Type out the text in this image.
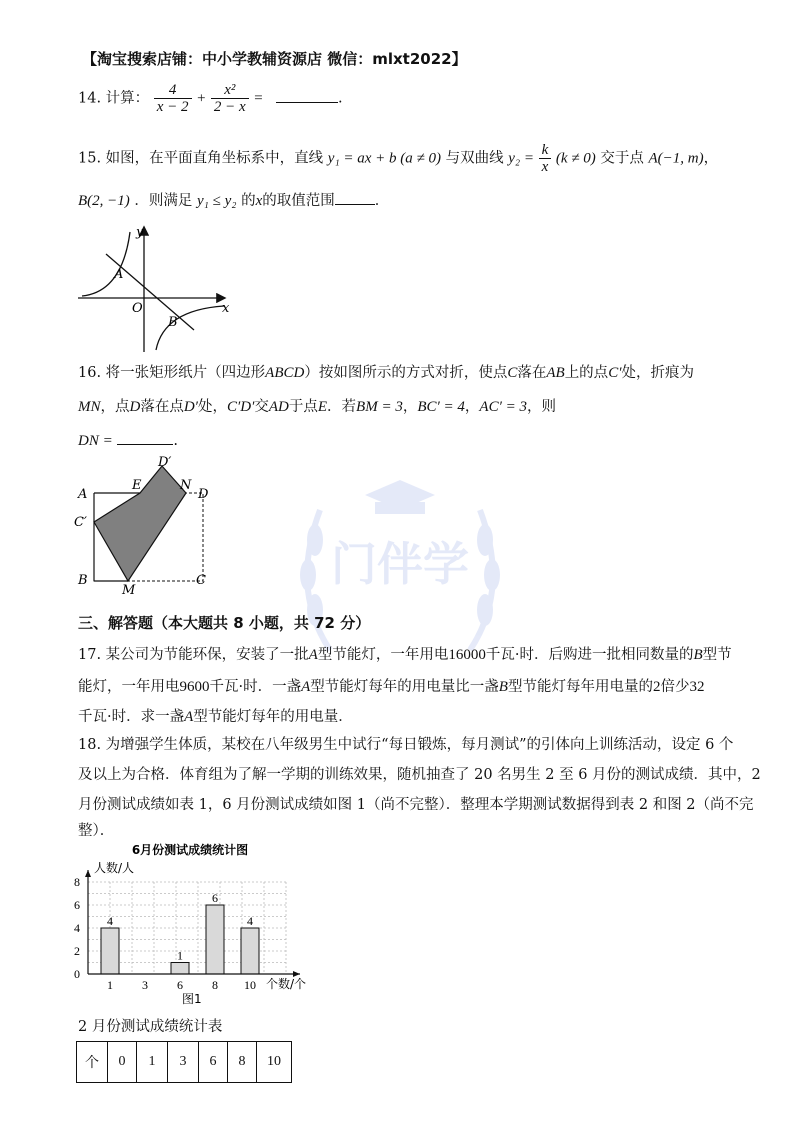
门伴学
【淘宝搜索店铺：中小学教辅资源店 微信：mlxt2022】
14. 计算： $\frac{4}{x - 2} + \frac{\text{x²}}{2 - x}$ =	.
15. 如图，在平面直角坐标系中，直线 y₁ = ax + b (a ≠ 0) 与双曲线 $y_2 = \frac{k}{x} (k \ne 0)$ 交于点 A(−1, m)，
B(2, −1) ．则满足 y₁ ≤ y₂ 的x的取值范围	．
y
x
O
A
B
16. 将一张矩形纸片（四边形ABCD）按如图所示的方式对折，使点C落在AB上的点C′处，折痕为
MN，点D落在点D′处，C′D′交AD于点E．若BM = 3，BC′ = 4，AC′ = 3，则
DN =	.
A
C′
B
M
C
D
E	N
D′
三、解答题（本大题共 8 小题，共 72 分）
17. 某公司为节能环保，安装了一批A型节能灯，一年用电16000千瓦·时．后购进一批相同数量的B型节
能灯，一年用电9600千瓦·时．一盏A型节能灯每年的用电量比一盏B型节能灯每年用电量的2倍少32
千瓦·时．求一盏A型节能灯每年的用电量．
18. 为增强学生体质，某校在八年级男生中试行“每日锻炼，每月测试”的引体向上训练活动，设定 6 个
及以上为合格．体育组为了解一学期的训练效果，随机抽查了 20 名男生 2 至 6 月份的测试成绩．其中，2
月份测试成绩如表 1，6 月份测试成绩如图 1（尚不完整）．整理本学期测试数据得到表 2 和图 2（尚不完
整）．
6月份测试成绩统计图
人数/人
个数/个
图1
4
1 3
1
6
6
8
4
10
0
2
4
6
8
2 月份测试成绩统计表
个	0	1	3	6	8	10
